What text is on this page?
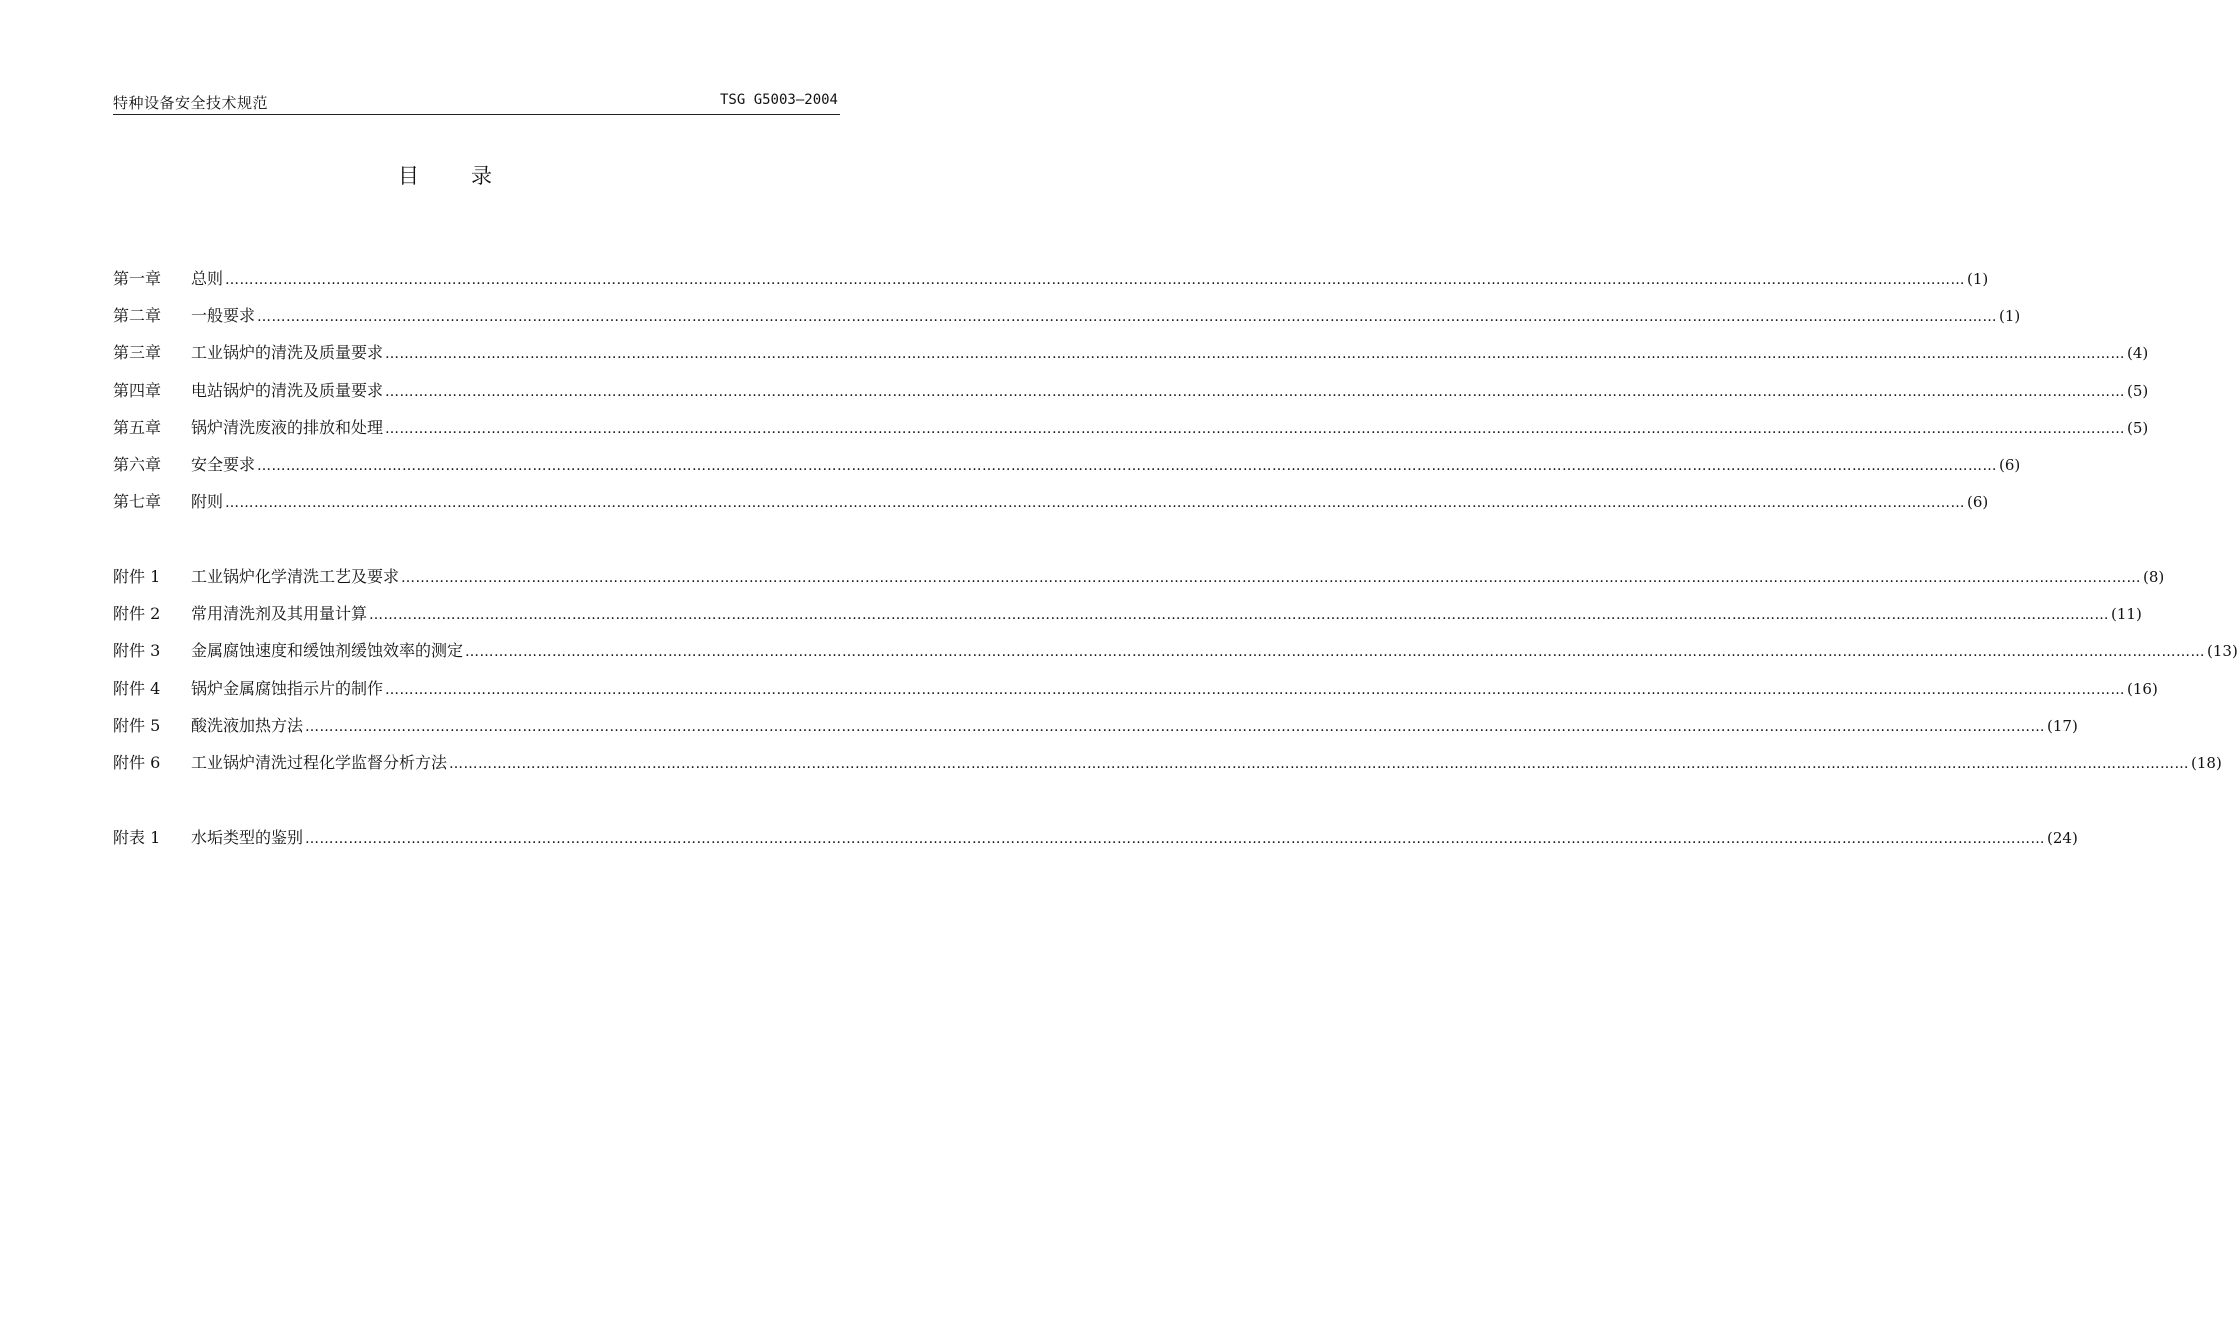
特种设备安全技术规范	TSG G5003—2004
目录
第一章	总则 ……………………………………………………………………………………………………………………………………………………………………………………………………………………………………………………………………………………………………………………………… (1)
第二章	一般要求 ……………………………………………………………………………………………………………………………………………………………………………………………………………………………………………………………………………………………………………………………… (1)
第三章	工业锅炉的清洗及质量要求 ……………………………………………………………………………………………………………………………………………………………………………………………………………………………………………………………………………………………………………………………… (4)
第四章	电站锅炉的清洗及质量要求 ……………………………………………………………………………………………………………………………………………………………………………………………………………………………………………………………………………………………………………………………… (5)
第五章	锅炉清洗废液的排放和处理 ……………………………………………………………………………………………………………………………………………………………………………………………………………………………………………………………………………………………………………………………… (5)
第六章	安全要求 ……………………………………………………………………………………………………………………………………………………………………………………………………………………………………………………………………………………………………………………………… (6)
第七章	附则 ……………………………………………………………………………………………………………………………………………………………………………………………………………………………………………………………………………………………………………………………… (6)
附件 1	工业锅炉化学清洗工艺及要求 ……………………………………………………………………………………………………………………………………………………………………………………………………………………………………………………………………………………………………………………………… (8)
附件 2	常用清洗剂及其用量计算 ……………………………………………………………………………………………………………………………………………………………………………………………………………………………………………………………………………………………………………………………… (11)
附件 3	金属腐蚀速度和缓蚀剂缓蚀效率的测定 ……………………………………………………………………………………………………………………………………………………………………………………………………………………………………………………………………………………………………………………………… (13)
附件 4	锅炉金属腐蚀指示片的制作 ……………………………………………………………………………………………………………………………………………………………………………………………………………………………………………………………………………………………………………………………… (16)
附件 5	酸洗液加热方法 ……………………………………………………………………………………………………………………………………………………………………………………………………………………………………………………………………………………………………………………………… (17)
附件 6	工业锅炉清洗过程化学监督分析方法 ……………………………………………………………………………………………………………………………………………………………………………………………………………………………………………………………………………………………………………………………… (18)
附表 1	水垢类型的鉴别 ……………………………………………………………………………………………………………………………………………………………………………………………………………………………………………………………………………………………………………………………… (24)
